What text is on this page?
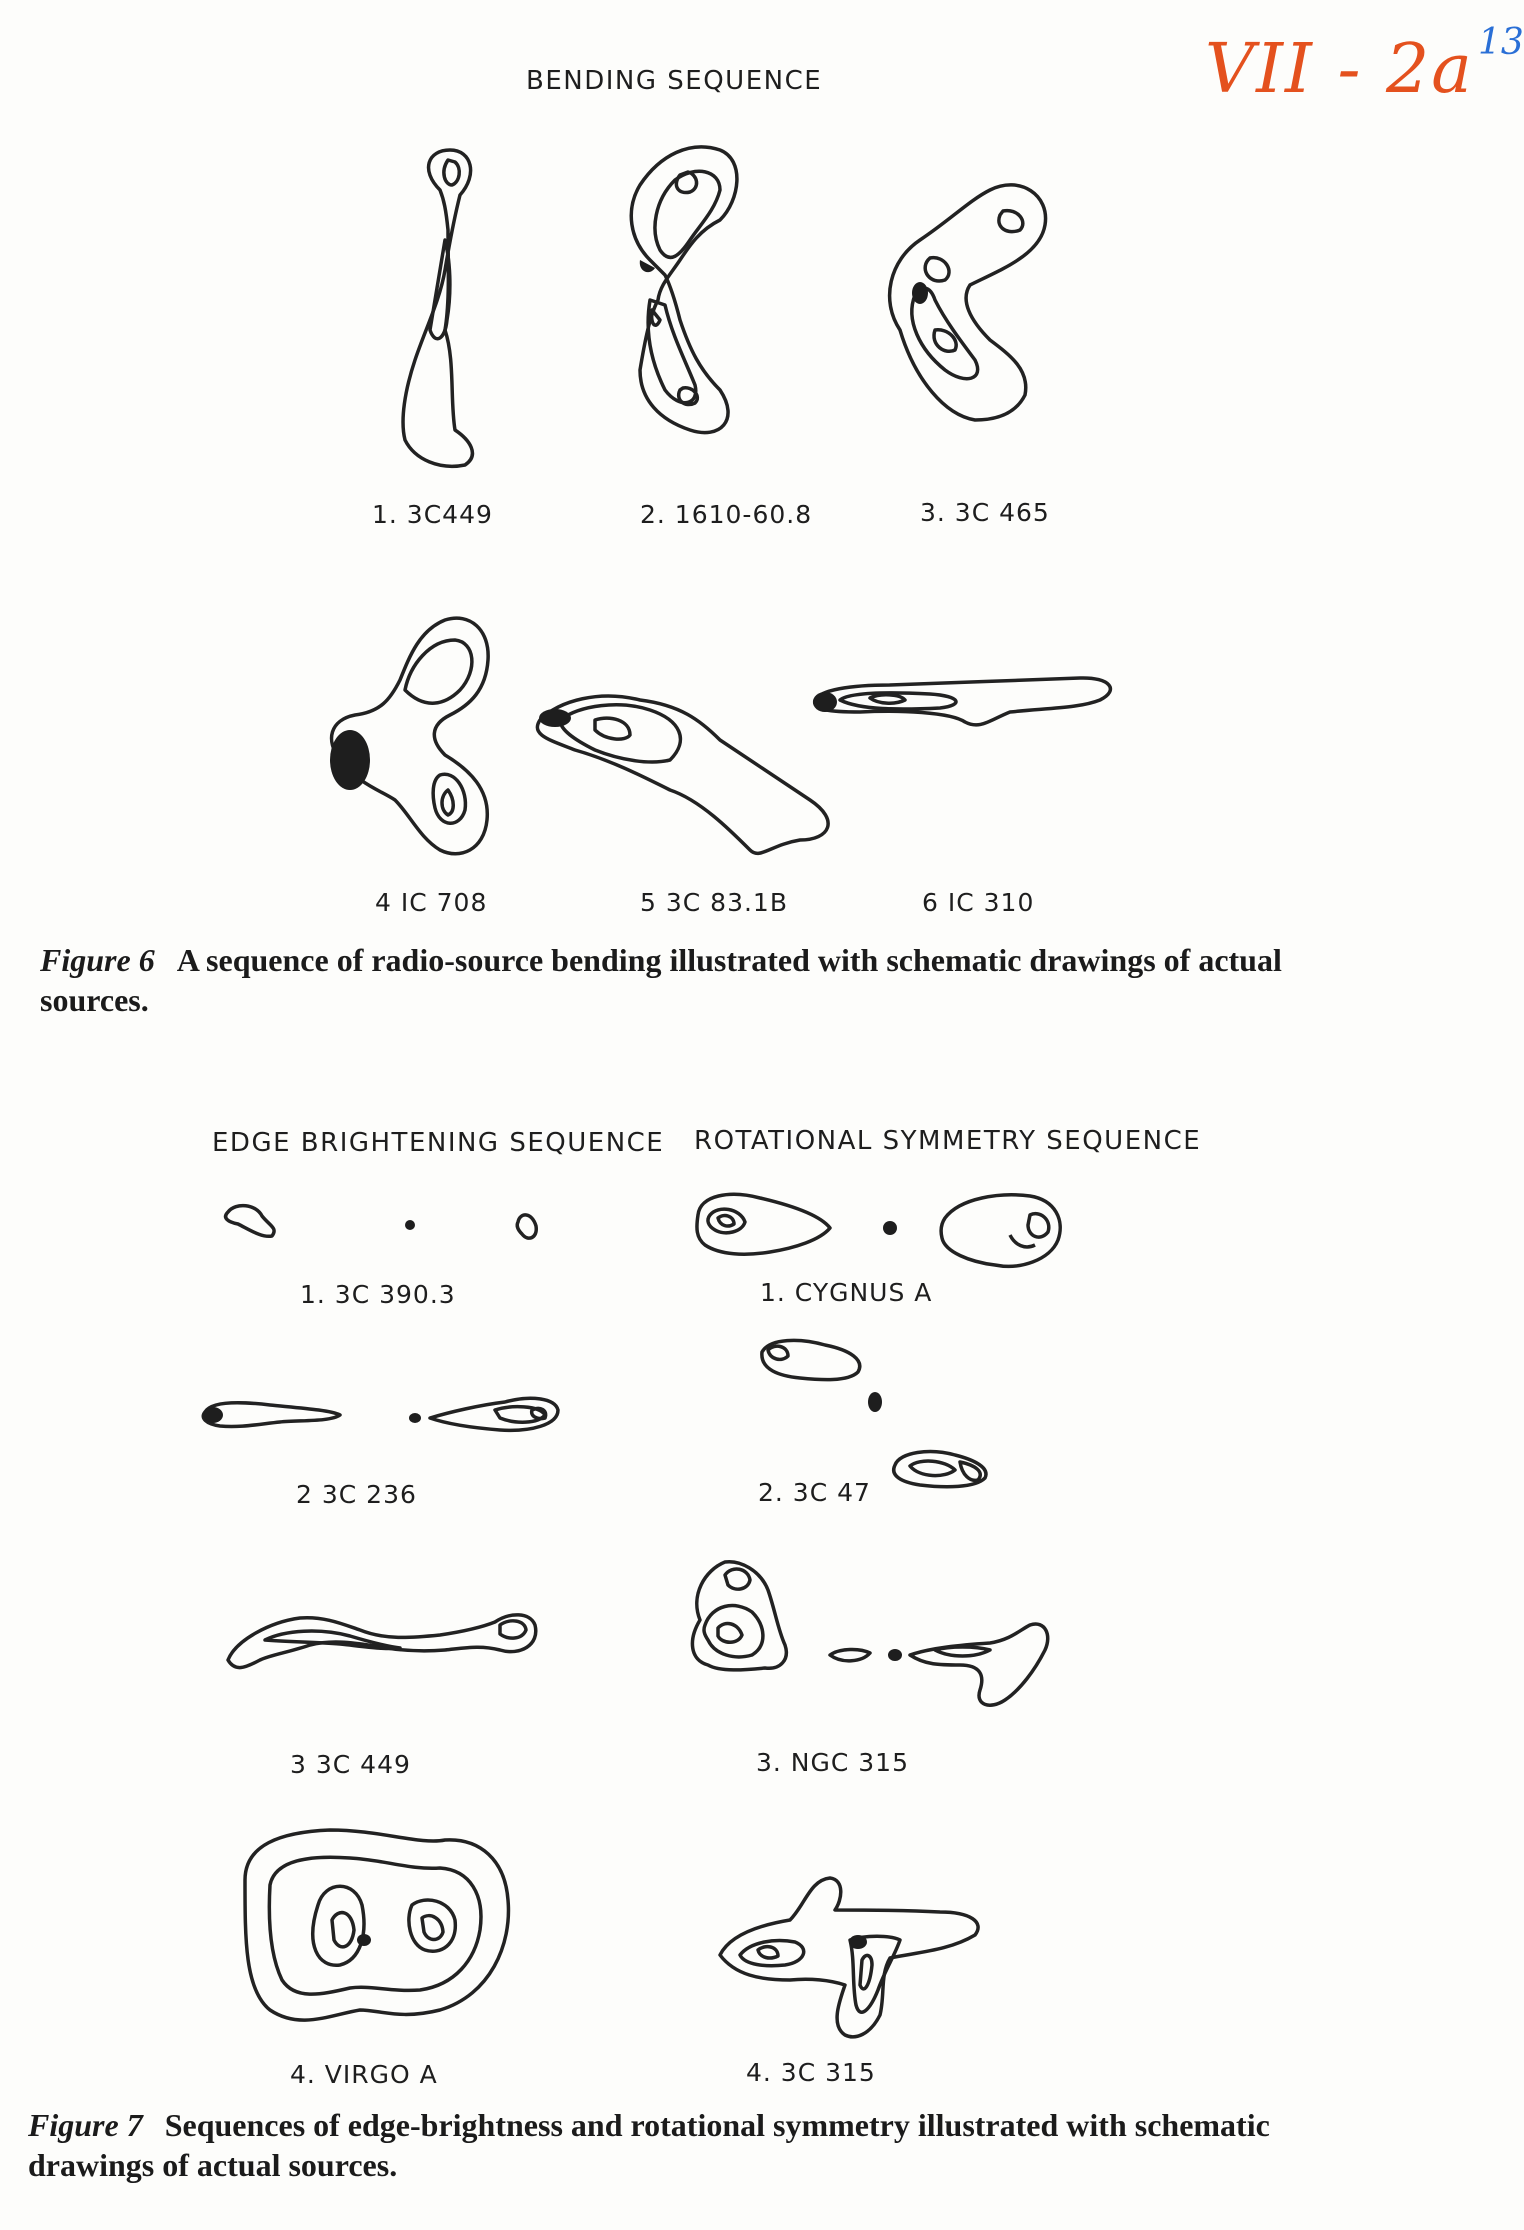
VII - 2a 13
BENDING SEQUENCE
1. 3C449	2. 1610-60.8	3. 3C 465
4 IC 708	5 3C 83.1B	6 IC 310
Figure 6 A sequence of radio-source bending illustrated with schematic drawings of actual sources.
EDGE BRIGHTENING SEQUENCE ROTATIONAL SYMMETRY SEQUENCE
1. 3C 390.3
2 3C 236
3 3C 449
4. VIRGO A
1. CYGNUS A
2. 3C 47
3. NGC 315
4. 3C 315
Figure 7 Sequences of edge-brightness and rotational symmetry illustrated with schematic drawings of actual sources.
